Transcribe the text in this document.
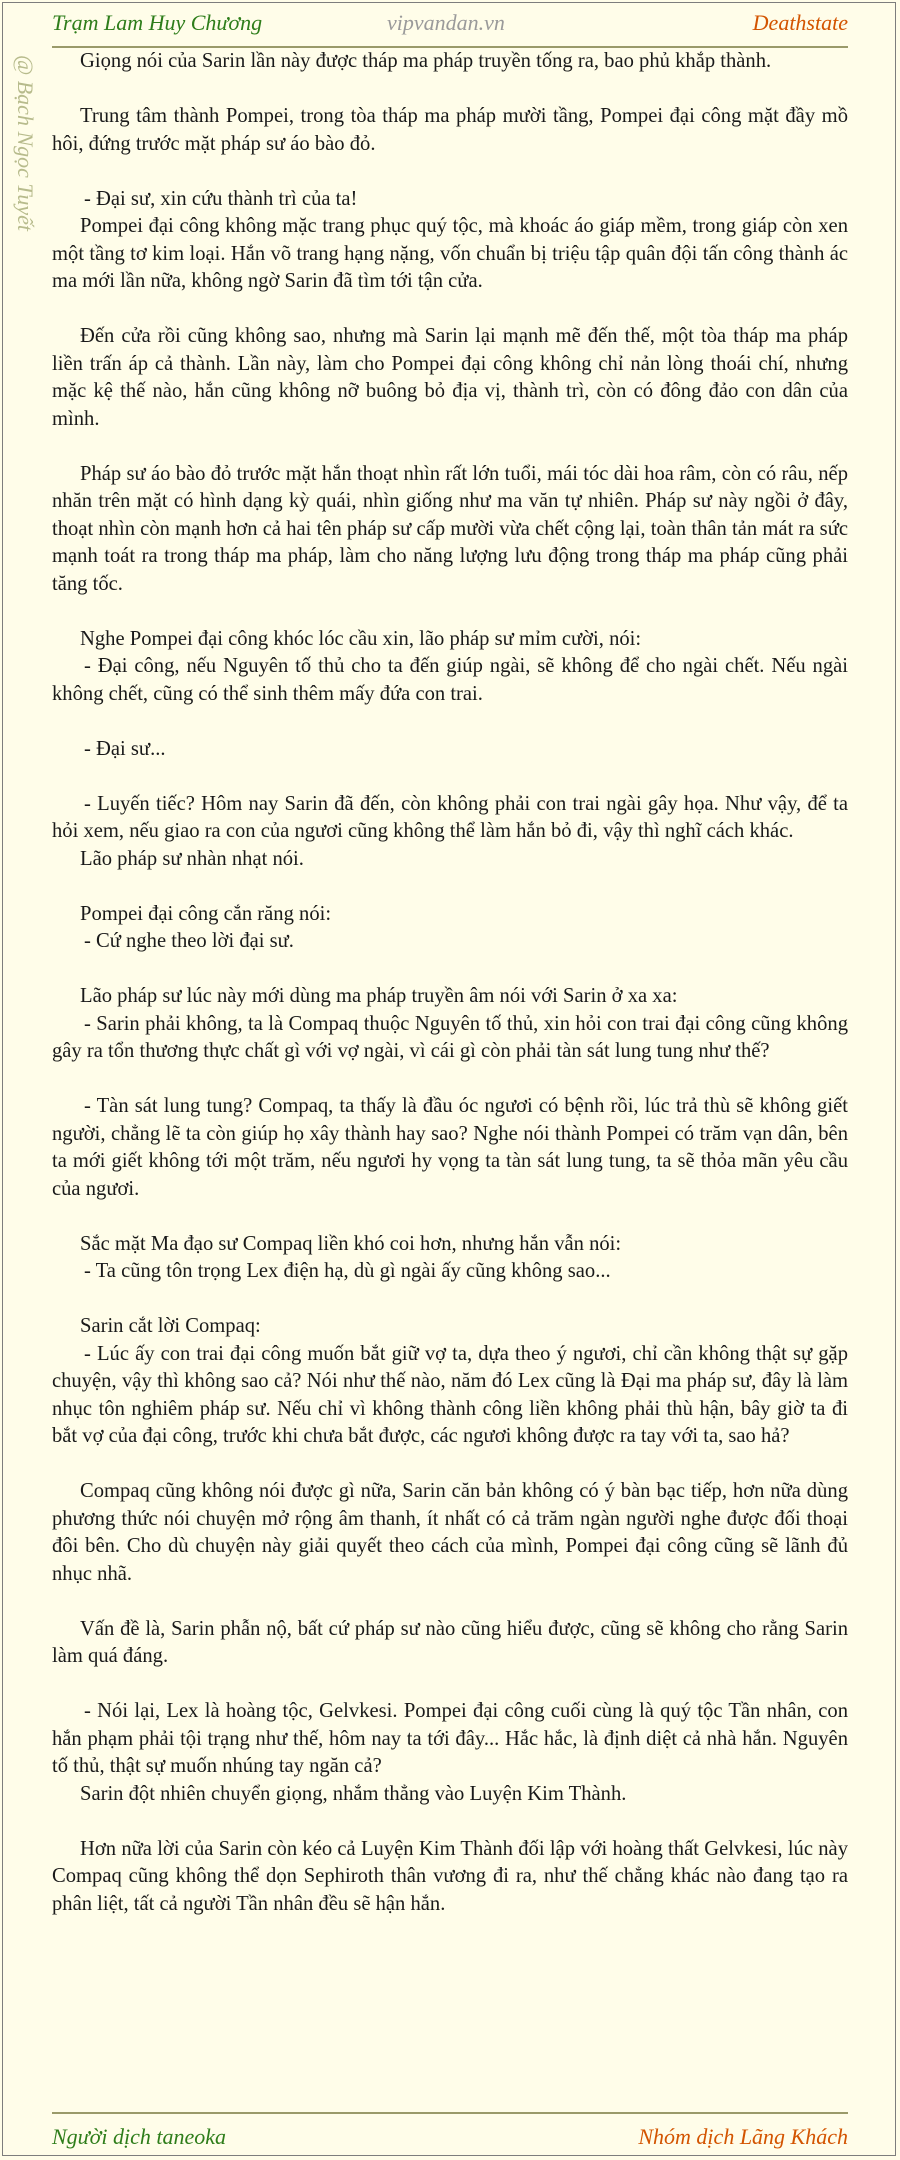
Trạm Lam Huy Chương	vipvandan.vn	Deathstate
@ Bạch Ngọc Tuyết	Giọng nói của Sarin lần này được tháp ma pháp truyền tống ra, bao phủ khắp thành.

Trung tâm thành Pompei, trong tòa tháp ma pháp mười tầng, Pompei đại công mặt đầy mồ hôi, đứng trước mặt pháp sư áo bào đỏ.

- Đại sư, xin cứu thành trì của ta!

Pompei đại công không mặc trang phục quý tộc, mà khoác áo giáp mềm, trong giáp còn xen một tầng tơ kim loại. Hắn võ trang hạng nặng, vốn chuẩn bị triệu tập quân đội tấn công thành ác ma mới lần nữa, không ngờ Sarin đã tìm tới tận cửa.

Đến cửa rồi cũng không sao, nhưng mà Sarin lại mạnh mẽ đến thế, một tòa tháp ma pháp liền trấn áp cả thành. Lần này, làm cho Pompei đại công không chỉ nản lòng thoái chí, nhưng mặc kệ thế nào, hắn cũng không nỡ buông bỏ địa vị, thành trì, còn có đông đảo con dân của mình.

Pháp sư áo bào đỏ trước mặt hắn thoạt nhìn rất lớn tuổi, mái tóc dài hoa râm, còn có râu, nếp nhăn trên mặt có hình dạng kỳ quái, nhìn giống như ma văn tự nhiên. Pháp sư này ngồi ở đây, thoạt nhìn còn mạnh hơn cả hai tên pháp sư cấp mười vừa chết cộng lại, toàn thân tản mát ra sức mạnh toát ra trong tháp ma pháp, làm cho năng lượng lưu động trong tháp ma pháp cũng phải tăng tốc.

Nghe Pompei đại công khóc lóc cầu xin, lão pháp sư mỉm cười, nói:

- Đại công, nếu Nguyên tố thủ cho ta đến giúp ngài, sẽ không để cho ngài chết. Nếu ngài không chết, cũng có thể sinh thêm mấy đứa con trai.

- Đại sư...

- Luyến tiếc? Hôm nay Sarin đã đến, còn không phải con trai ngài gây họa. Như vậy, để ta hỏi xem, nếu giao ra con của ngươi cũng không thể làm hắn bỏ đi, vậy thì nghĩ cách khác.

Lão pháp sư nhàn nhạt nói.

Pompei đại công cắn răng nói:

- Cứ nghe theo lời đại sư.

Lão pháp sư lúc này mới dùng ma pháp truyền âm nói với Sarin ở xa xa:

- Sarin phải không, ta là Compaq thuộc Nguyên tố thủ, xin hỏi con trai đại công cũng không gây ra tổn thương thực chất gì với vợ ngài, vì cái gì còn phải tàn sát lung tung như thế?

- Tàn sát lung tung? Compaq, ta thấy là đầu óc ngươi có bệnh rồi, lúc trả thù sẽ không giết người, chẳng lẽ ta còn giúp họ xây thành hay sao? Nghe nói thành Pompei có trăm vạn dân, bên ta mới giết không tới một trăm, nếu ngươi hy vọng ta tàn sát lung tung, ta sẽ thỏa mãn yêu cầu của ngươi.

Sắc mặt Ma đạo sư Compaq liền khó coi hơn, nhưng hắn vẫn nói:

- Ta cũng tôn trọng Lex điện hạ, dù gì ngài ấy cũng không sao...

Sarin cắt lời Compaq:

- Lúc ấy con trai đại công muốn bắt giữ vợ ta, dựa theo ý ngươi, chỉ cần không thật sự gặp chuyện, vậy thì không sao cả? Nói như thế nào, năm đó Lex cũng là Đại ma pháp sư, đây là làm nhục tôn nghiêm pháp sư. Nếu chỉ vì không thành công liền không phải thù hận, bây giờ ta đi bắt vợ của đại công, trước khi chưa bắt được, các ngươi không được ra tay với ta, sao hả?

Compaq cũng không nói được gì nữa, Sarin căn bản không có ý bàn bạc tiếp, hơn nữa dùng phương thức nói chuyện mở rộng âm thanh, ít nhất có cả trăm ngàn người nghe được đối thoại đôi bên. Cho dù chuyện này giải quyết theo cách của mình, Pompei đại công cũng sẽ lãnh đủ nhục nhã.

Vấn đề là, Sarin phẫn nộ, bất cứ pháp sư nào cũng hiểu được, cũng sẽ không cho rằng Sarin làm quá đáng.

- Nói lại, Lex là hoàng tộc, Gelvkesi. Pompei đại công cuối cùng là quý tộc Tần nhân, con hắn phạm phải tội trạng như thế, hôm nay ta tới đây... Hắc hắc, là định diệt cả nhà hắn. Nguyên tố thủ, thật sự muốn nhúng tay ngăn cả?

Sarin đột nhiên chuyển giọng, nhắm thẳng vào Luyện Kim Thành.

Hơn nữa lời của Sarin còn kéo cả Luyện Kim Thành đối lập với hoàng thất Gelvkesi, lúc này Compaq cũng không thể dọn Sephiroth thân vương đi ra, như thế chẳng khác nào đang tạo ra phân liệt, tất cả người Tần nhân đều sẽ hận hắn.

Người dịch taneoka	Nhóm dịch Lãng Khách
